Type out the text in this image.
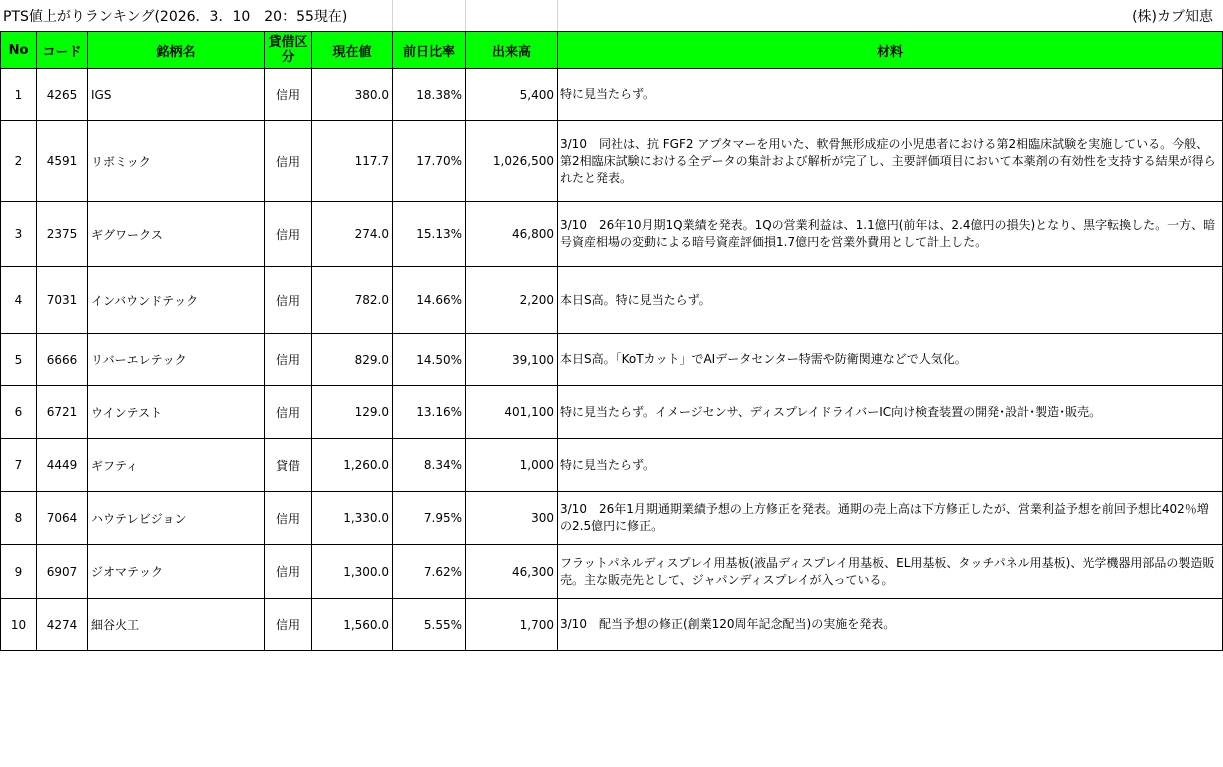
PTS値上がりランキング(2026．3．10　20：55現在)	(株)カブ知恵
No	コード	銘柄名	貸借区分	現在値	前日比率	出来高	材料
1	4265	IGS	信用	380.0	18.38%	5,400	特に見当たらず。
2	4591	リボミック	信用	117.7	17.70%	1,026,500	3/10　同社は、抗 FGF2 アプタマーを用いた、軟骨無形成症の小児患者における第2相臨床試験を実施している。今般、第2相臨床試験における全データの集計および解析が完了し、主要評価項目において本薬剤の有効性を支持する結果が得られたと発表。
3	2375	ギグワークス	信用	274.0	15.13%	46,800	3/10　26年10月期1Q業績を発表。1Qの営業利益は、1.1億円(前年は、2.4億円の損失)となり、黒字転換した。一方、暗号資産相場の変動による暗号資産評価損1.7億円を営業外費用として計上した。
4	7031	インバウンドテック	信用	782.0	14.66%	2,200	本日S高。特に見当たらず。
5	6666	リバーエレテック	信用	829.0	14.50%	39,100	本日S高。「KoTカット」でAIデータセンター特需や防衛関連などで人気化。
6	6721	ウインテスト	信用	129.0	13.16%	401,100	特に見当たらず。イメージセンサ、ディスプレイドライバーIC向け検査装置の開発･設計･製造･販売。
7	4449	ギフティ	貸借	1,260.0	8.34%	1,000	特に見当たらず。
8	7064	ハウテレビジョン	信用	1,330.0	7.95%	300	3/10　26年1月期通期業績予想の上方修正を発表。通期の売上高は下方修正したが、営業利益予想を前回予想比402％増の2.5億円に修正。
9	6907	ジオマテック	信用	1,300.0	7.62%	46,300	フラットパネルディスプレイ用基板(液晶ディスプレイ用基板、EL用基板、タッチパネル用基板)、光学機器用部品の製造販売。主な販売先として、ジャパンディスプレイが入っている。
10	4274	細谷火工	信用	1,560.0	5.55%	1,700	3/10　配当予想の修正(創業120周年記念配当)の実施を発表。
